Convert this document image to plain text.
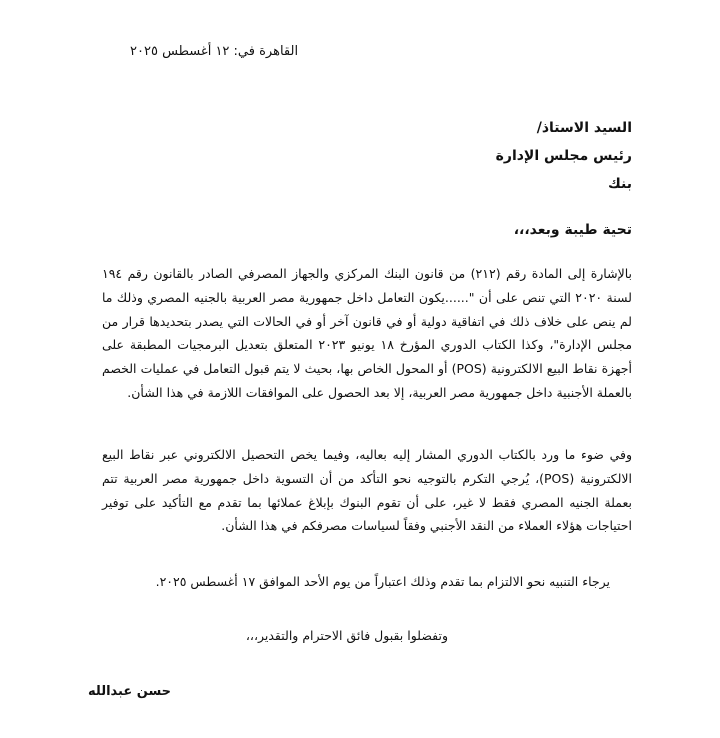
القاهرة في: ١٢ أغسطس ٢٠٢٥
السيد الاستاذ/
رئيس مجلس الإدارة
بنك
تحية طيبة وبعد،،،

بالإشارة إلى المادة رقم (٢١٢) من قانون البنك المركزي والجهاز المصرفي الصادر بالقانون رقم ١٩٤ لسنة ٢٠٢٠ التي تنص على أن "......يكون التعامل داخل جمهورية مصر العربية بالجنيه المصري وذلك ما لم ينص على خلاف ذلك في اتفاقية دولية أو في قانون آخر أو في الحالات التي يصدر بتحديدها قرار من مجلس الإدارة"، وكذا الكتاب الدوري المؤرخ ١٨ يونيو ٢٠٢٣ المتعلق بتعديل البرمجيات المطبقة على أجهزة نقاط البيع الالكترونية (POS) أو المحول الخاص بها، بحيث لا يتم قبول التعامل في عمليات الخصم بالعملة الأجنبية داخل جمهورية مصر العربية، إلا بعد الحصول على الموافقات اللازمة في هذا الشأن.

وفي ضوء ما ورد بالكتاب الدوري المشار إليه بعاليه، وفيما يخص التحصيل الالكتروني عبر نقاط البيع الالكترونية (POS)، يُرجي التكرم بالتوجيه نحو التأكد من أن التسوية داخل جمهورية مصر العربية تتم بعملة الجنيه المصري فقط لا غير، على أن تقوم البنوك بإبلاغ عملائها بما تقدم مع التأكيد على توفير احتياجات هؤلاء العملاء من النقد الأجنبي وفقاً لسياسات مصرفكم في هذا الشأن.

يرجاء التنبيه نحو الالتزام بما تقدم وذلك اعتباراً من يوم الأحد الموافق ١٧ أغسطس ٢٠٢٥.
وتفضلوا بقبول فائق الاحترام والتقدير،،،
حسن عبدالله
